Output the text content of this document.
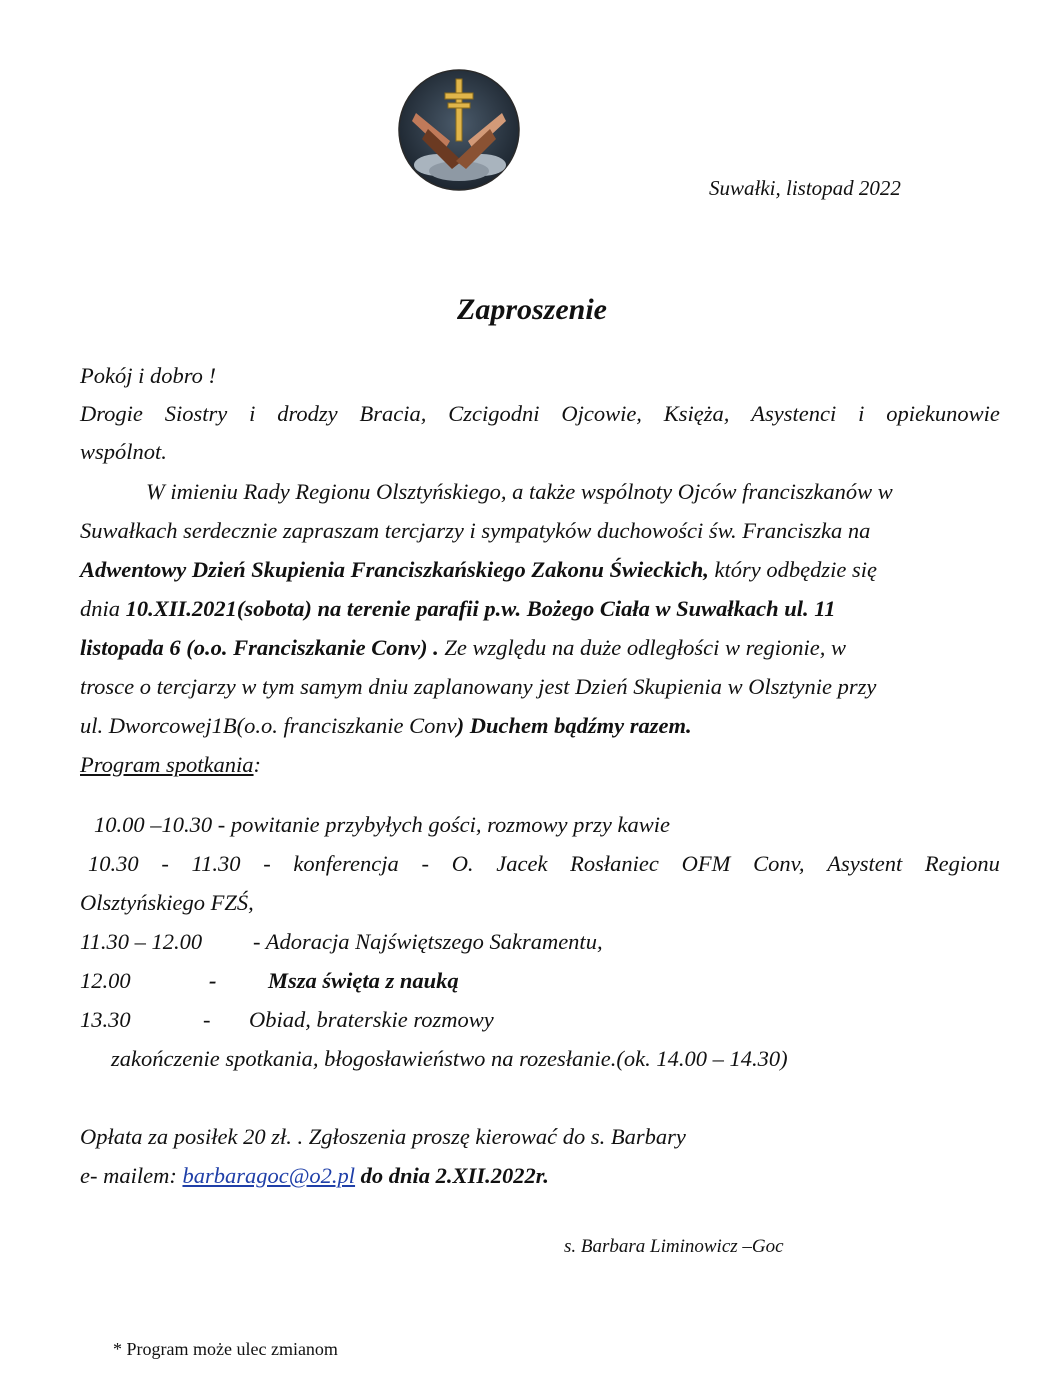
Suwałki, listopad 2022
Zaproszenie
Pokój i dobro !
Drogie Siostry i drodzy Bracia, Czcigodni Ojcowie, Księża, Asystenci i opiekunowie
wspólnot.
W imieniu Rady Regionu Olsztyńskiego, a także wspólnoty Ojców franciszkanów w
Suwałkach serdecznie zapraszam tercjarzy i sympatyków duchowości św. Franciszka na
Adwentowy Dzień Skupienia Franciszkańskiego Zakonu Świeckich, który odbędzie się
dnia 10.XII.2021(sobota) na terenie parafii p.w. Bożego Ciała w Suwałkach ul. 11
listopada 6 (o.o. Franciszkanie Conv) . Ze względu na duże odległości w regionie, w
trosce o tercjarzy w tym samym dniu zaplanowany jest Dzień Skupienia w Olsztynie przy
ul. Dworcowej1B(o.o. franciszkanie Conv) Duchem bądźmy razem.
Program spotkania:
10.00 –10.30 - powitanie przybyłych gości, rozmowy przy kawie
10.30 - 11.30 - konferencja - O. Jacek Rosłaniec OFM Conv, Asystent Regionu
Olsztyńskiego FZŚ,
11.30 – 12.00 - Adoracja Najświętszego Sakramentu,
12.00	- Msza święta z nauką
13.30	- Obiad, braterskie rozmowy
zakończenie spotkania, błogosławieństwo na rozesłanie.(ok. 14.00 – 14.30)
Opłata za posiłek 20 zł. . Zgłoszenia proszę kierować do s. Barbary
e- mailem: barbaragoc@o2.pl do dnia 2.XII.2022r.
s. Barbara Liminowicz –Goc
* Program może ulec zmianom
